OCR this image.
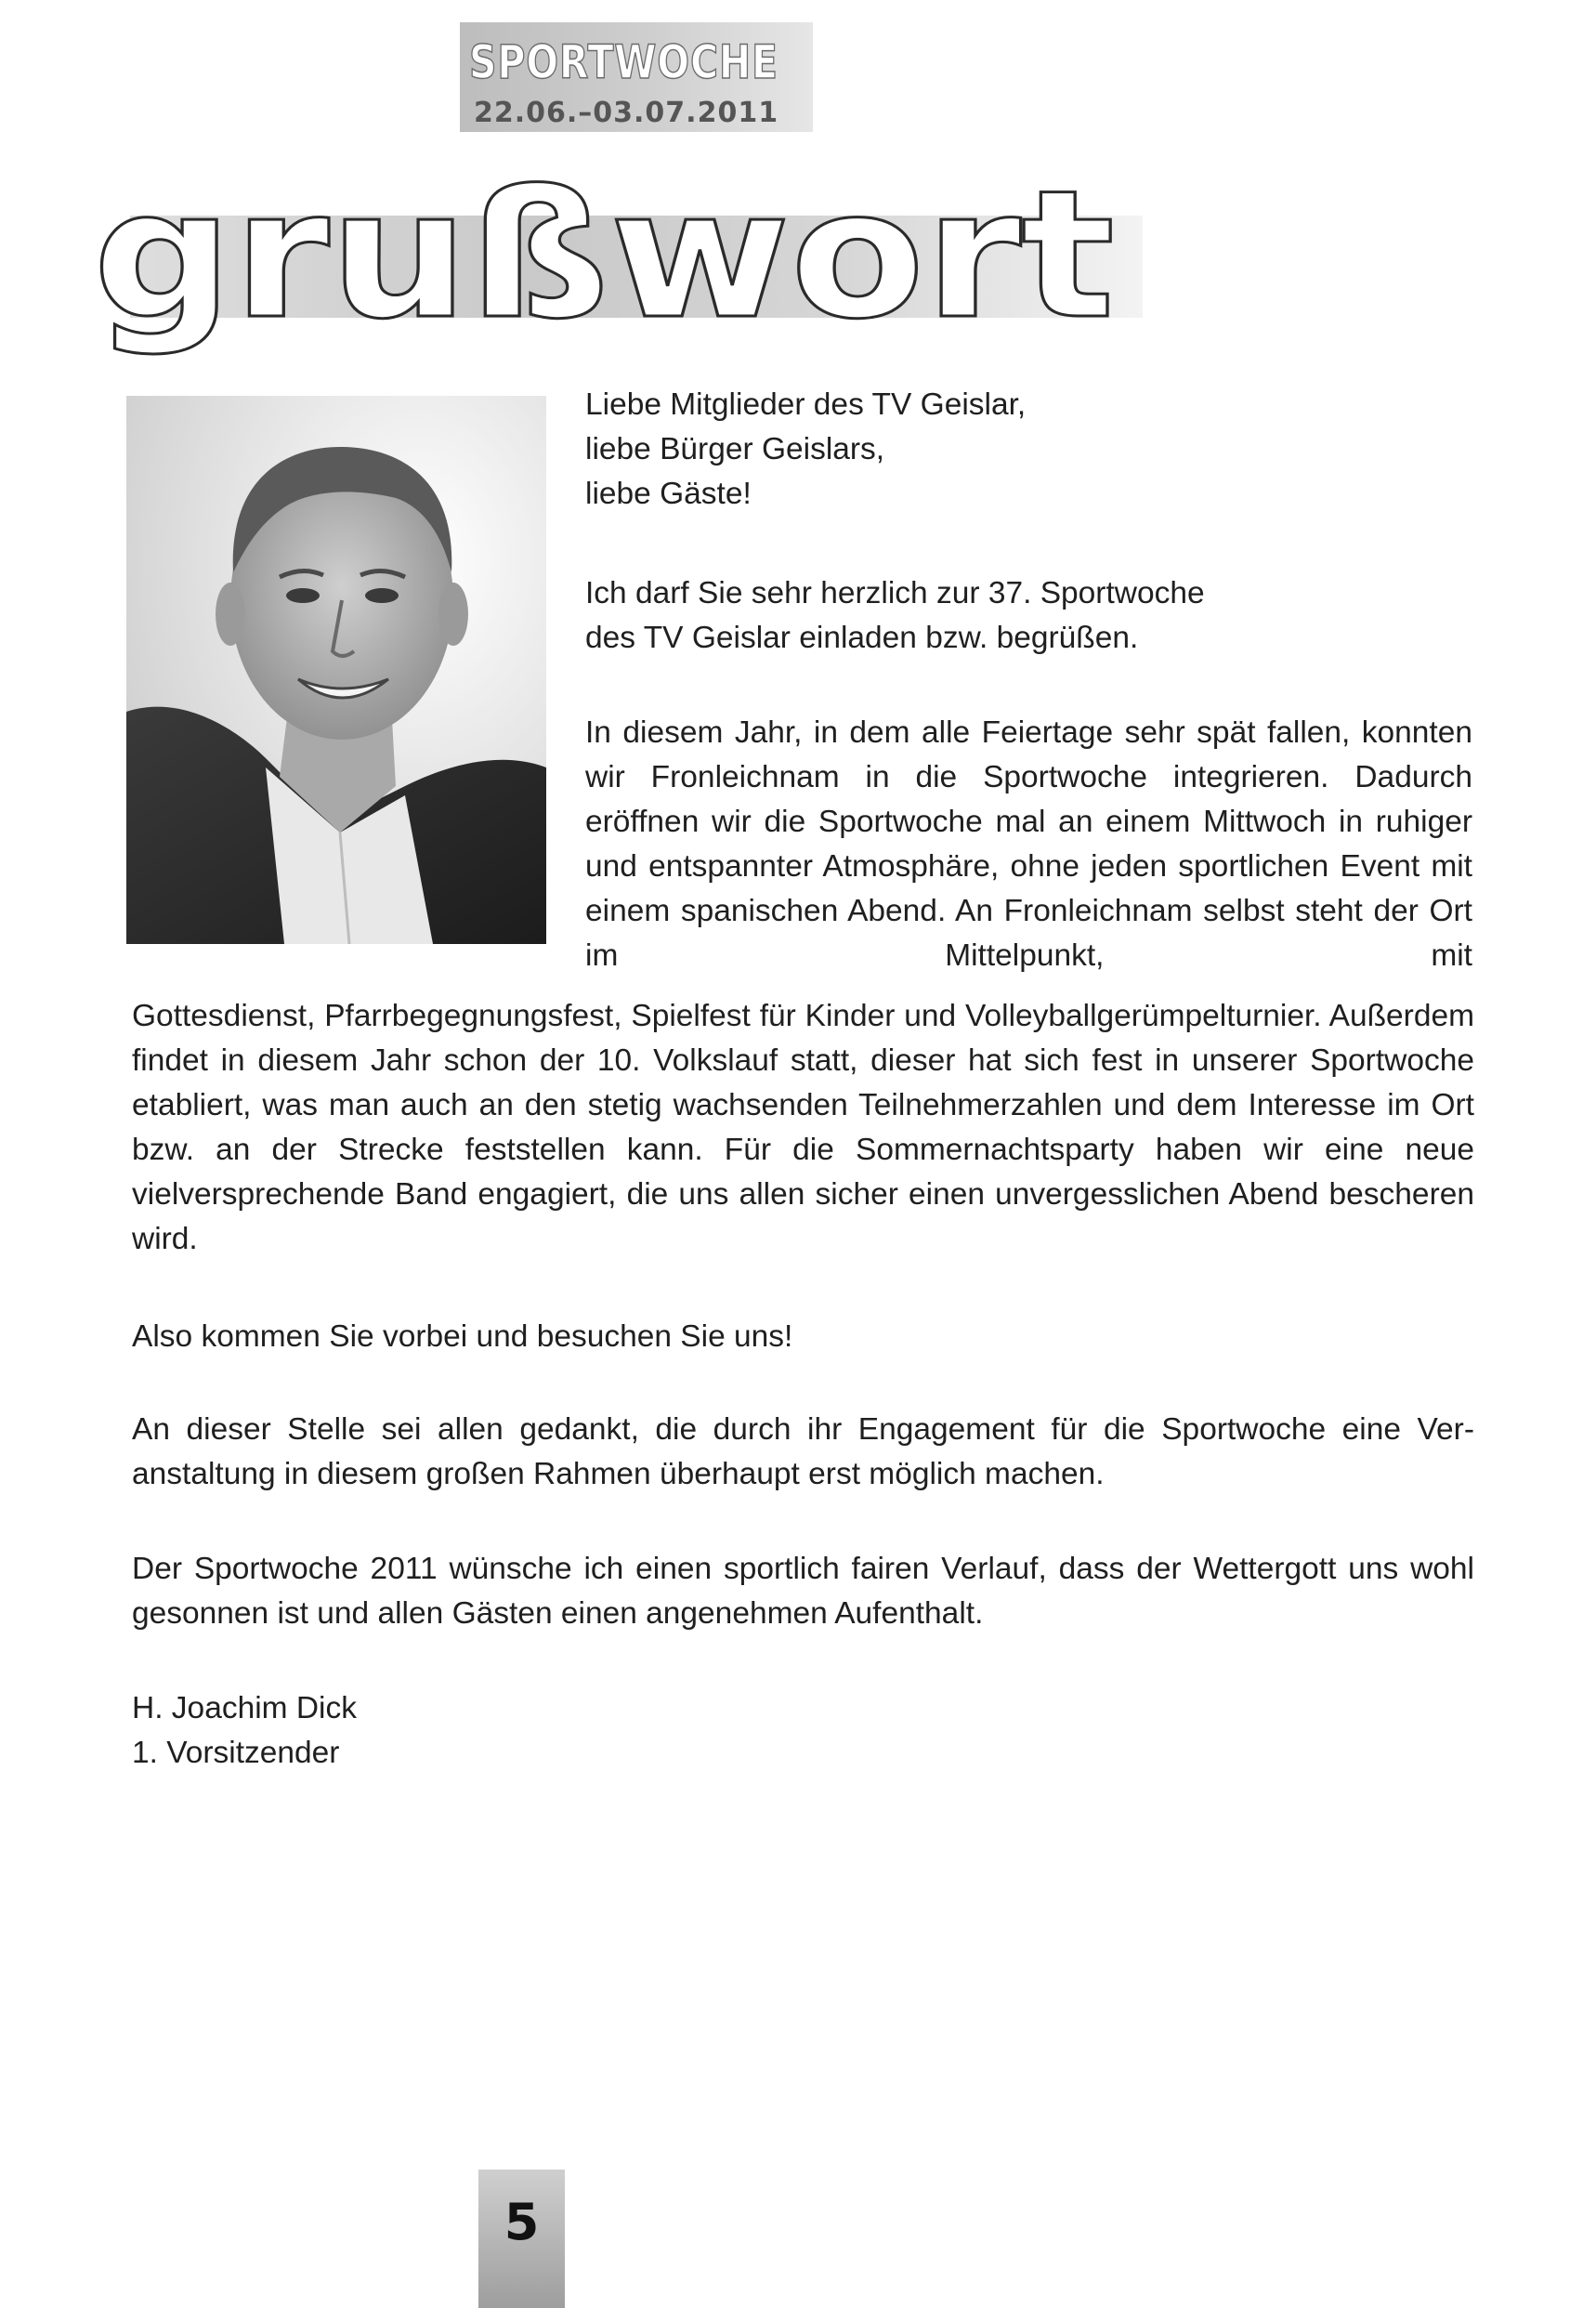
SPORTWOCHE
22.06.–03.07.2011
grußwort

Liebe Mitglieder des TV Geislar,

liebe Bürger Geislars,

liebe Gäste!

Ich darf Sie sehr herzlich zur 37. Sportwoche

des TV Geislar einladen bzw. begrüßen.

In diesem Jahr, in dem alle Feiertage sehr spät fallen, konnten wir Fronleichnam in die Sportwoche integrieren. Dadurch eröffnen wir die Sportwoche mal an einem Mittwoch in ruhiger und entspannter Atmosphäre, ohne jeden sportlichen Event mit einem spanischen Abend. An Fronleichnam selbst steht der Ort im Mittelpunkt, mit

Gottesdienst, Pfarrbegegnungsfest, Spielfest für Kinder und Volleyballgerümpelturnier. Außerdem findet in diesem Jahr schon der 10. Volkslauf statt, dieser hat sich fest in unserer Sportwoche etabliert, was man auch an den stetig wachsenden Teilnehmerzahlen und dem Interesse im Ort bzw. an der Strecke feststellen kann. Für die Sommernachtsparty haben wir eine neue vielversprechende Band engagiert, die uns allen sicher einen unvergesslichen Abend bescheren wird.

Also kommen Sie vorbei und besuchen Sie uns!

An dieser Stelle sei allen gedankt, die durch ihr Engagement für die Sportwoche eine Veranstaltung in diesem großen Rahmen überhaupt erst möglich machen.

Der Sportwoche 2011 wünsche ich einen sportlich fairen Verlauf, dass der Wettergott uns wohl gesonnen ist und allen Gästen einen angenehmen Aufenthalt.

H. Joachim Dick

1. Vorsitzender

5
